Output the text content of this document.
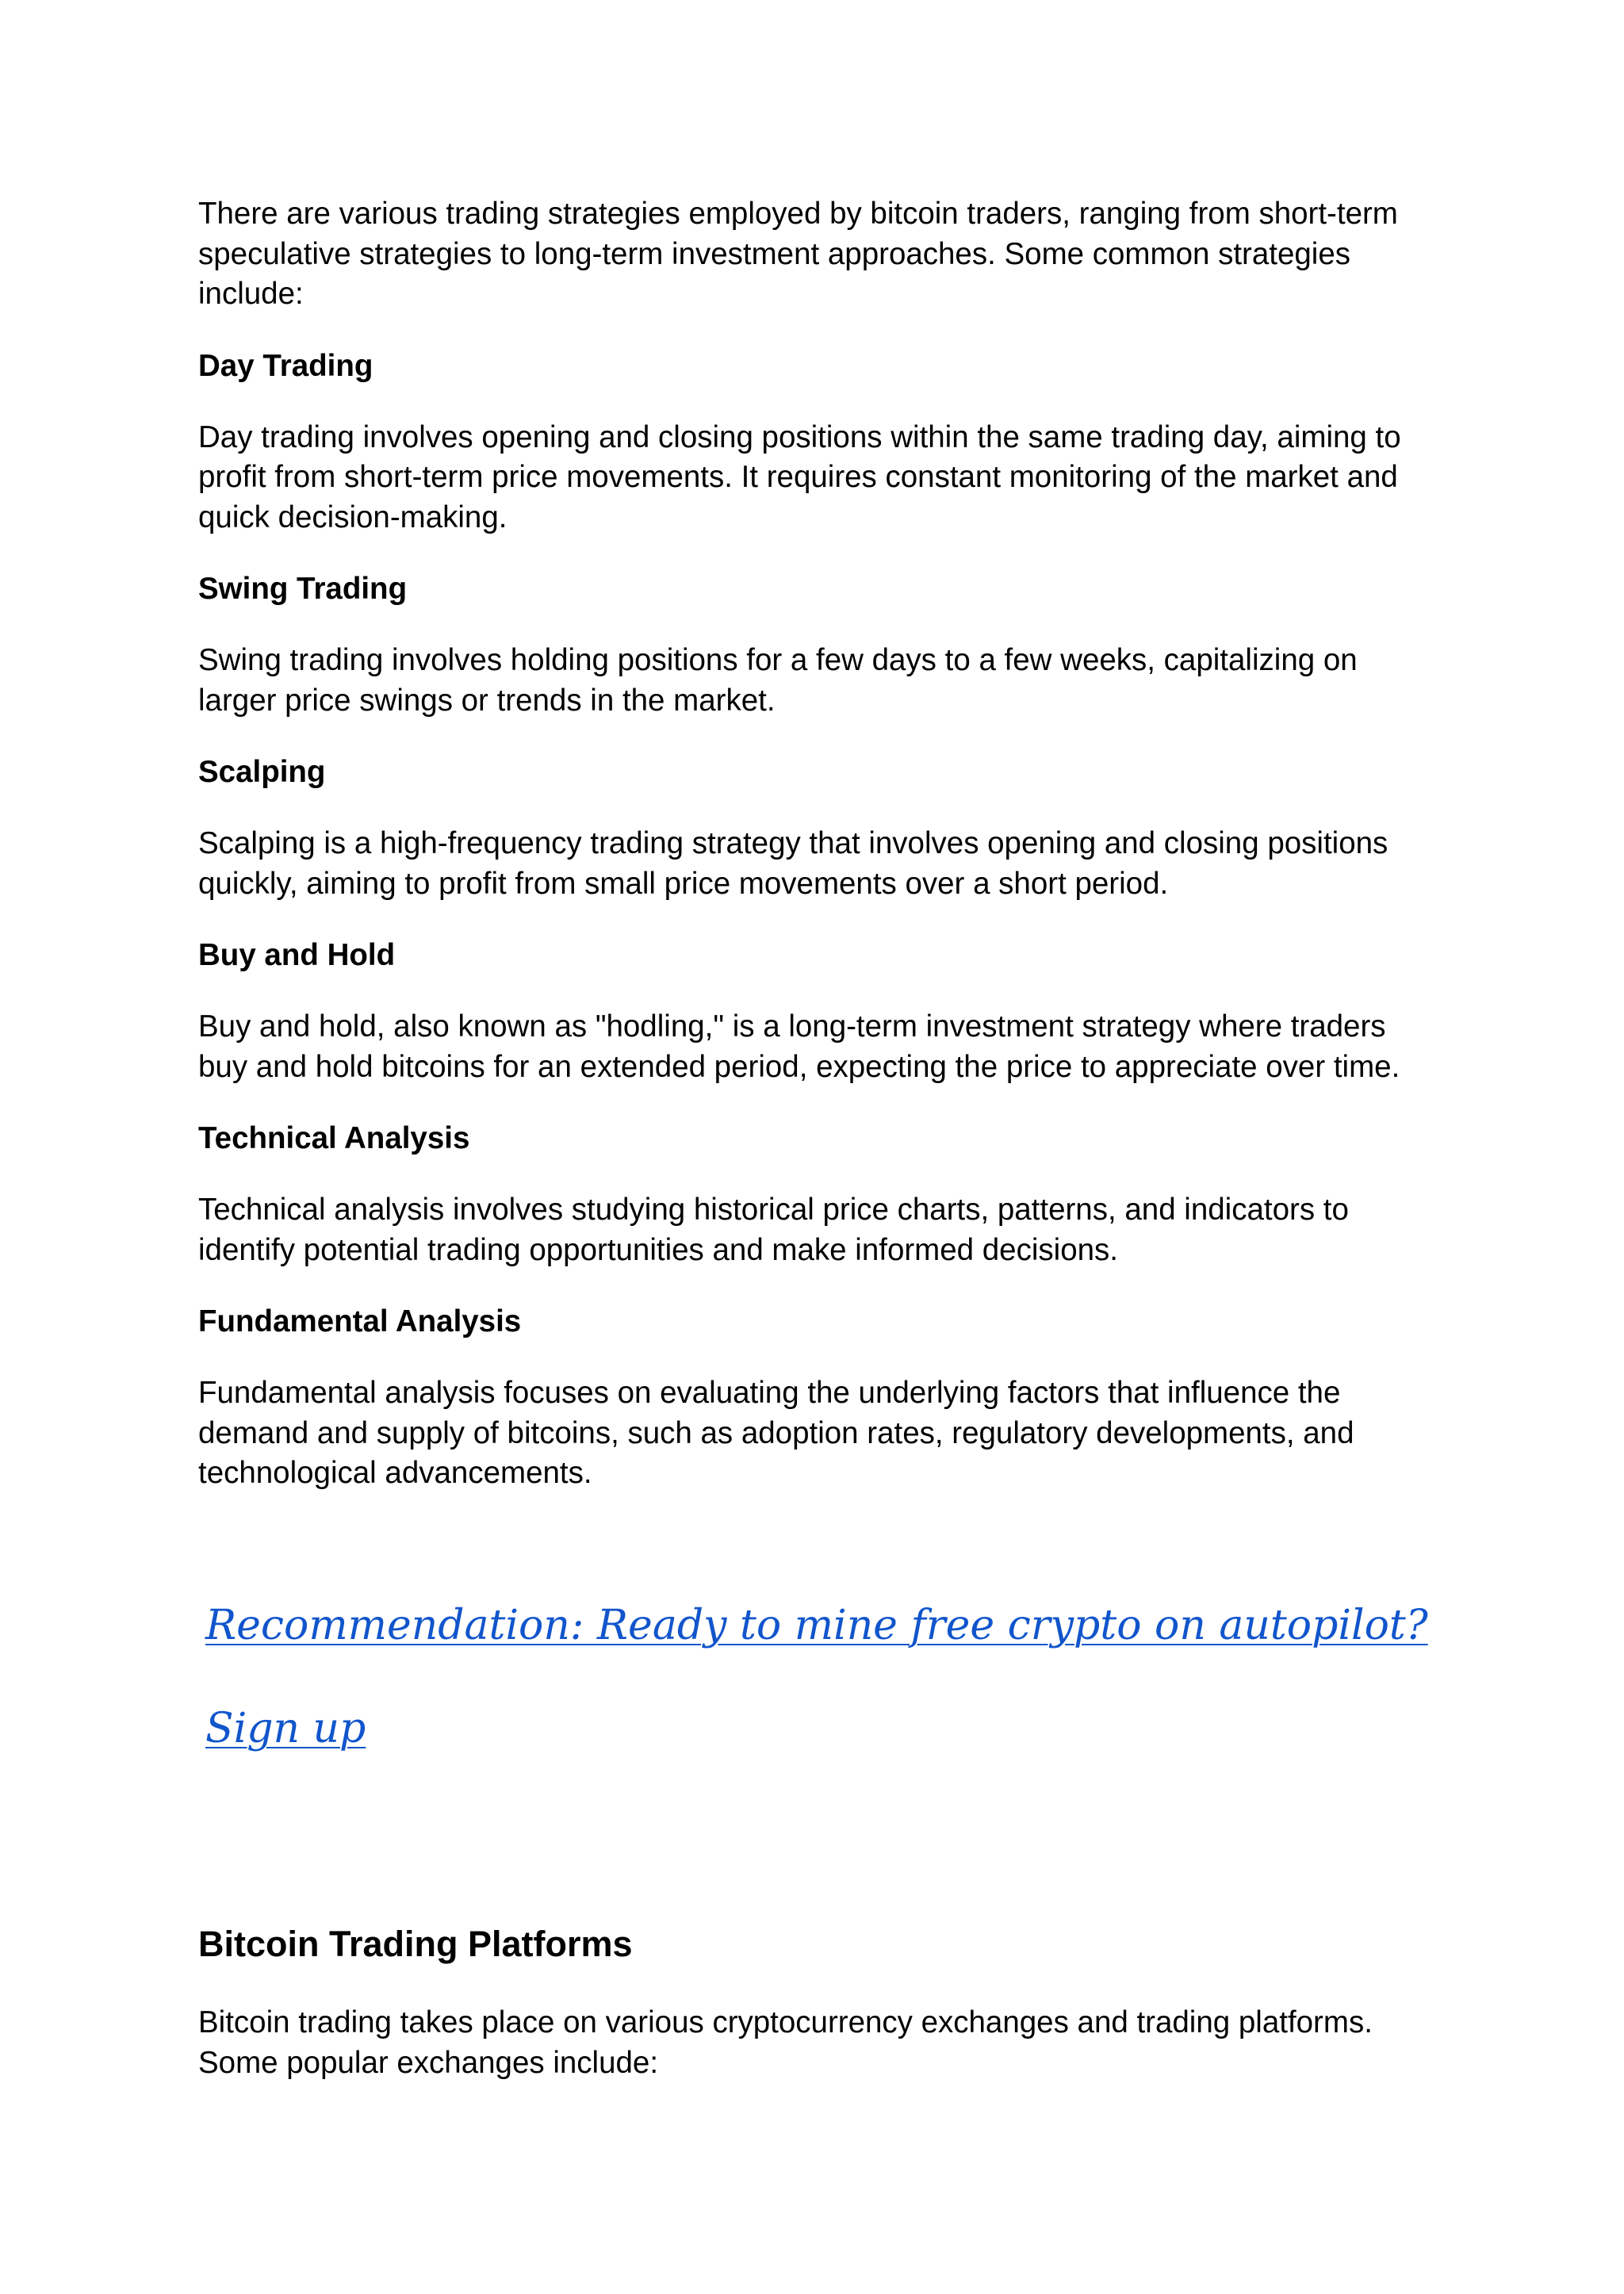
There are various trading strategies employed by bitcoin traders, ranging from short-term speculative strategies to long-term investment approaches. Some common strategies include:

Day Trading

Day trading involves opening and closing positions within the same trading day, aiming to profit from short-term price movements. It requires constant monitoring of the market and quick decision-making.

Swing Trading

Swing trading involves holding positions for a few days to a few weeks, capitalizing on larger price swings or trends in the market.

Scalping

Scalping is a high-frequency trading strategy that involves opening and closing positions quickly, aiming to profit from small price movements over a short period.

Buy and Hold

Buy and hold, also known as "hodling," is a long-term investment strategy where traders buy and hold bitcoins for an extended period, expecting the price to appreciate over time.

Technical Analysis

Technical analysis involves studying historical price charts, patterns, and indicators to identify potential trading opportunities and make informed decisions.

Fundamental Analysis

Fundamental analysis focuses on evaluating the underlying factors that influence the demand and supply of bitcoins, such as adoption rates, regulatory developments, and technological advancements.

Recommendation: Ready to mine free crypto on autopilot? Sign up
Bitcoin Trading Platforms

Bitcoin trading takes place on various cryptocurrency exchanges and trading platforms. Some popular exchanges include:
